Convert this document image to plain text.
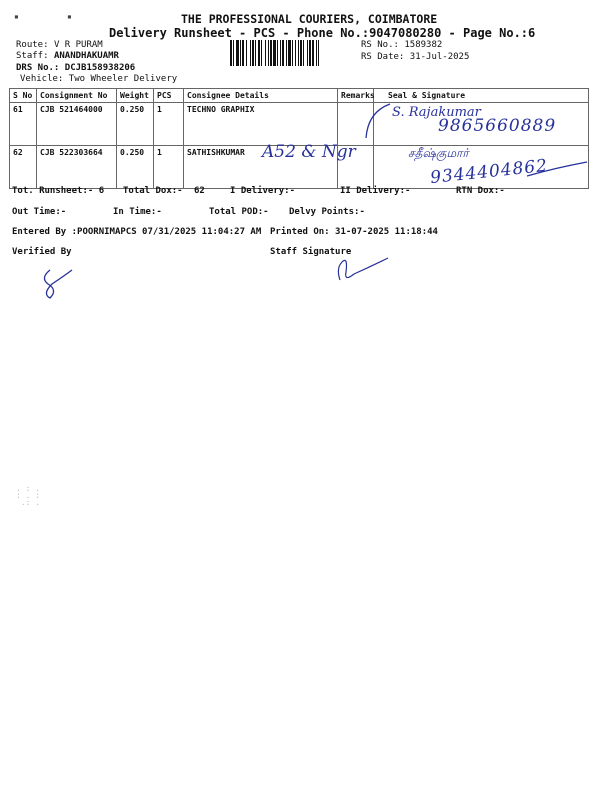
▪          ▪	THE PROFESSIONAL COURIERS, COIMBATORE
Delivery Runsheet - PCS - Phone No.:9047080280 - Page No.:6
Route: V R PURAM
Staff: ANANDHAKUAMR
DRS No.: DCJB158938206
Vehicle: Two Wheeler Delivery
RS No.: 1589382
RS Date: 31-Jul-2025
S No	Consignment No	Weight	PCS	Consignee Details	Remarks	Seal & Signature
61	CJB 521464000	0.250	1	TECHNO GRAPHIX		
62	CJB 522303664	0.250	1	SATHISHKUMAR		
S. Rajakumar
9865660889
A52 & Ngr	சதீஷ்குமார்
9344404862
Tot. Runsheet:- 6 Total Dox:- 62	I Delivery:-	II Delivery:-	RTN Dox:-
Out Time:-	In Time:-	Total POD:- Delvy Points:-
Entered By :POORNIMAPCS 07/31/2025 11:04:27 AM Printed On: 31-07-2025 11:18:44
Verified By	Staff Signature
. : .
: . :
.: .
